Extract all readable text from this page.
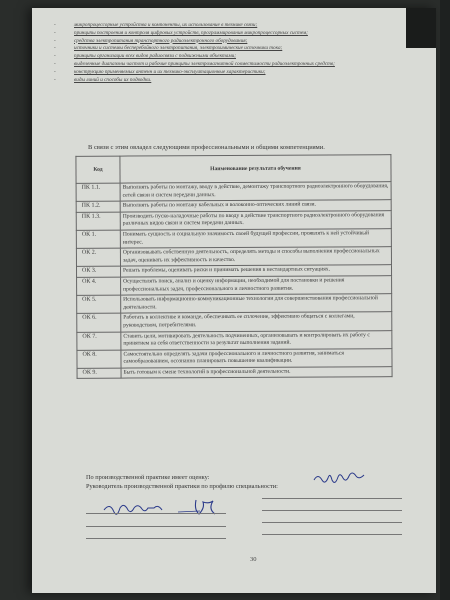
- микропроцессорные устройства и компоненты, их использование в технике связи;
- принципы построения и контроля цифровых устройств, программирования микропроцессорных систем;
- средства электропитания транспортного радиоэлектронного оборудования;
- источники и системы бесперебойного электропитания, электрохимические источники тока;
- принципы организации всех видов радиосвязи с подвижными объектами;
- выделенные диапазоны частот и рабочие принципы электромагнитной совместимости радиоэлектронных средств;
- конструкцию применяемых антенн и их технико-эксплуатационные характеристики;
- виды линий и способы их подводки.
В связи с этим овладел следующими профессиональными и общими компетенциями.
Код	Наименование результата обучения
ПК 1.1.	Выполнять работы по монтажу, вводу в действие, демонтажу транспортного радиоэлектронного оборудования, сетей связи и систем передачи данных.
ПК 1.2.	Выполнять работы по монтажу кабельных и волоконно-оптических линий связи.
ПК 1.3.	Производить пуско-наладочные работы по вводу в действие транспортного радиоэлектронного оборудования различных видов связи и систем передачи данных.
ОК 1.	Понимать сущность и социальную значимость своей будущей профессии, проявлять к ней устойчивый интерес.
ОК 2.	Организовывать собственную деятельность, определять методы и способы выполнения профессиональных задач, оценивать их эффективность и качество.
ОК 3.	Решать проблемы, оценивать риски и принимать решения в нестандартных ситуациях.
ОК 4.	Осуществлять поиск, анализ и оценку информации, необходимой для постановки и решения профессиональных задач, профессионального и личностного развития.
ОК 5.	Использовать информационно-коммуникационные технологии для совершенствования профессиональной деятельности.
ОК 6.	Работать в коллективе и команде, обеспечивать ее сплочение, эффективно общаться с коллегами, руководством, потребителями.
ОК 7.	Ставить цели, мотивировать деятельность подчиненных, организовывать и контролировать их работу с принятием на себя ответственности за результат выполнения заданий.
ОК 8.	Самостоятельно определять задачи профессионального и личностного развития, заниматься самообразованием, осознанно планировать повышение квалификации.
ОК 9.	Быть готовым к смене технологий в профессиональной деятельности.
По производственной практике имеет оценку:
Руководитель производственной практики по профилю специальности:
30
